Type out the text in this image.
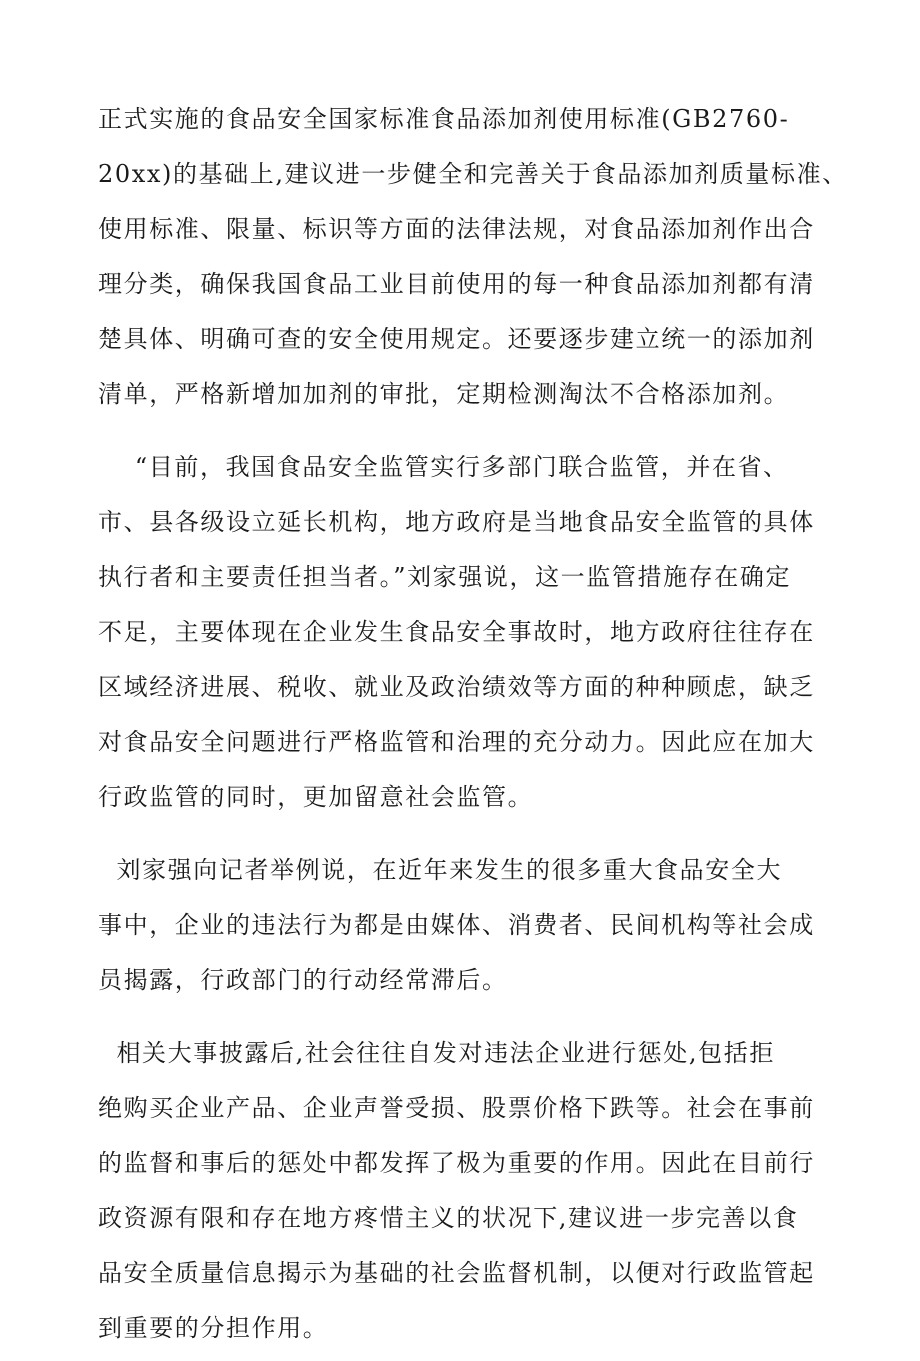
正式实施的食品安全国家标准食品添加剂使用标准(GB2760-
20xx)的基础上,建议进一步健全和完善关于食品添加剂质量标准、
使用标准、限量、标识等方面的法律法规，对食品添加剂作出合
理分类，确保我国食品工业目前使用的每一种食品添加剂都有清
楚具体、明确可查的安全使用规定。还要逐步建立统一的添加剂
清单，严格新增加加剂的审批，定期检测淘汰不合格添加剂。
“目前，我国食品安全监管实行多部门联合监管，并在省、
市、县各级设立延长机构，地方政府是当地食品安全监管的具体
执行者和主要责任担当者。”刘家强说，这一监管措施存在确定
不足，主要体现在企业发生食品安全事故时，地方政府往往存在
区域经济进展、税收、就业及政治绩效等方面的种种顾虑，缺乏
对食品安全问题进行严格监管和治理的充分动力。因此应在加大
行政监管的同时，更加留意社会监管。
刘家强向记者举例说，在近年来发生的很多重大食品安全大
事中，企业的违法行为都是由媒体、消费者、民间机构等社会成
员揭露，行政部门的行动经常滞后。
相关大事披露后,社会往往自发对违法企业进行惩处,包括拒
绝购买企业产品、企业声誉受损、股票价格下跌等。社会在事前
的监督和事后的惩处中都发挥了极为重要的作用。因此在目前行
政资源有限和存在地方疼惜主义的状况下,建议进一步完善以食
品安全质量信息揭示为基础的社会监督机制，以便对行政监管起
到重要的分担作用。
